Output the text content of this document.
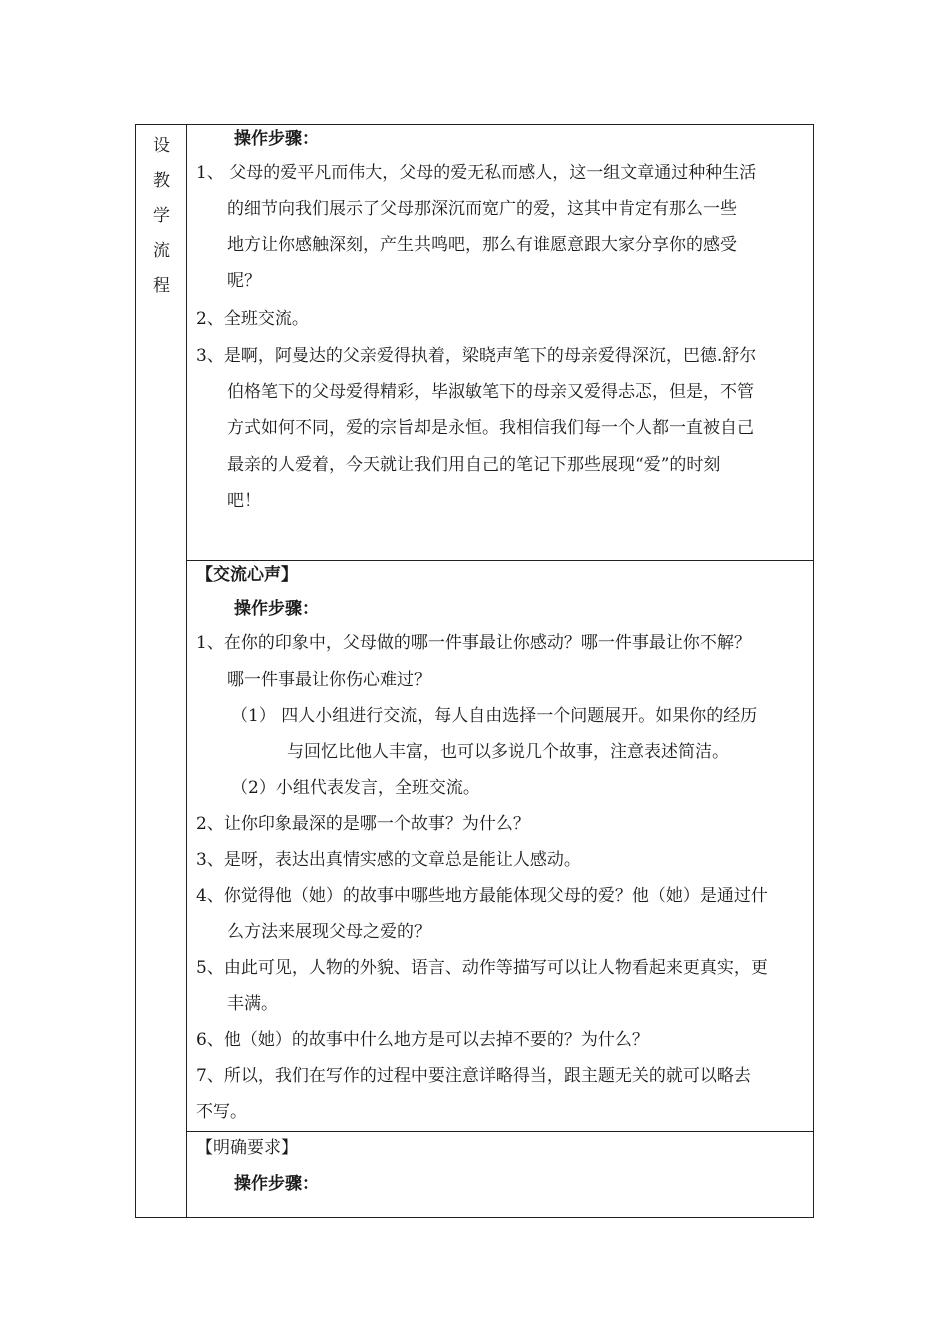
设
教
学
流
程
操作步骤：
1、 父母的爱平凡而伟大，父母的爱无私而感人，这一组文章通过种种生活
的细节向我们展示了父母那深沉而宽广的爱，这其中肯定有那么一些
地方让你感触深刻，产生共鸣吧，那么有谁愿意跟大家分享你的感受
呢？
2、全班交流。
3、是啊，阿曼达的父亲爱得执着，梁晓声笔下的母亲爱得深沉，巴德.舒尔
伯格笔下的父母爱得精彩，毕淑敏笔下的母亲又爱得忐忑，但是，不管
方式如何不同，爱的宗旨却是永恒。我相信我们每一个人都一直被自己
最亲的人爱着，今天就让我们用自己的笔记下那些展现“爱”的时刻
吧！
【交流心声】
操作步骤：
1、在你的印象中，父母做的哪一件事最让你感动？哪一件事最让你不解？
哪一件事最让你伤心难过？
（1） 四人小组进行交流，每人自由选择一个问题展开。如果你的经历
与回忆比他人丰富，也可以多说几个故事，注意表述简洁。
（2）小组代表发言，全班交流。
2、让你印象最深的是哪一个故事？为什么？
3、是呀，表达出真情实感的文章总是能让人感动。
4、你觉得他（她）的故事中哪些地方最能体现父母的爱？他（她）是通过什
么方法来展现父母之爱的？
5、由此可见，人物的外貌、语言、动作等描写可以让人物看起来更真实，更
丰满。
6、他（她）的故事中什么地方是可以去掉不要的？为什么？
7、所以，我们在写作的过程中要注意详略得当，跟主题无关的就可以略去
不写。
【明确要求】
操作步骤：
